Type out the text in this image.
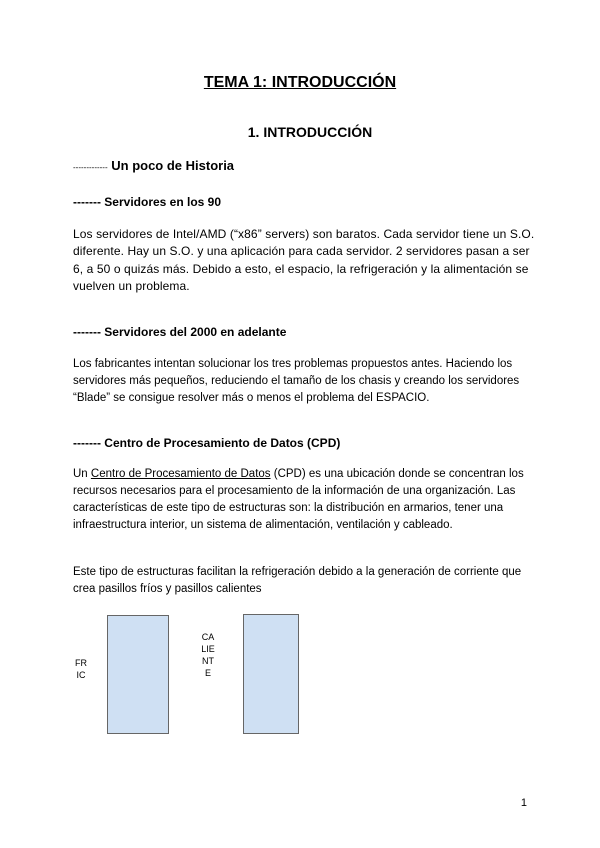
TEMA 1: INTRODUCCIÓN
1. INTRODUCCIÓN
------------- Un poco de Historia
------- Servidores en los 90
Los servidores de Intel/AMD (“x86” servers) son baratos. Cada servidor tiene un S.O. diferente. Hay un S.O. y una aplicación para cada servidor. 2 servidores pasan a ser 6, a 50 o quizás más. Debido a esto, el espacio, la refrigeración y la alimentación se vuelven un problema.
------- Servidores del 2000 en adelante
Los fabricantes intentan solucionar los tres problemas propuestos antes. Haciendo los servidores más pequeños, reduciendo el tamaño de los chasis y creando los servidores “Blade” se consigue resolver más o menos el problema del ESPACIO.
------- Centro de Procesamiento de Datos (CPD)
Un Centro de Procesamiento de Datos (CPD) es una ubicación donde se concentran los recursos necesarios para el procesamiento de la información de una organización. Las características de este tipo de estructuras son: la distribución en armarios, tener una infraestructura interior, un sistema de alimentación, ventilación y cableado.
Este tipo de estructuras facilitan la refrigeración debido a la generación de corriente que crea pasillos fríos y pasillos calientes
FRIC
CALIENTE
1
